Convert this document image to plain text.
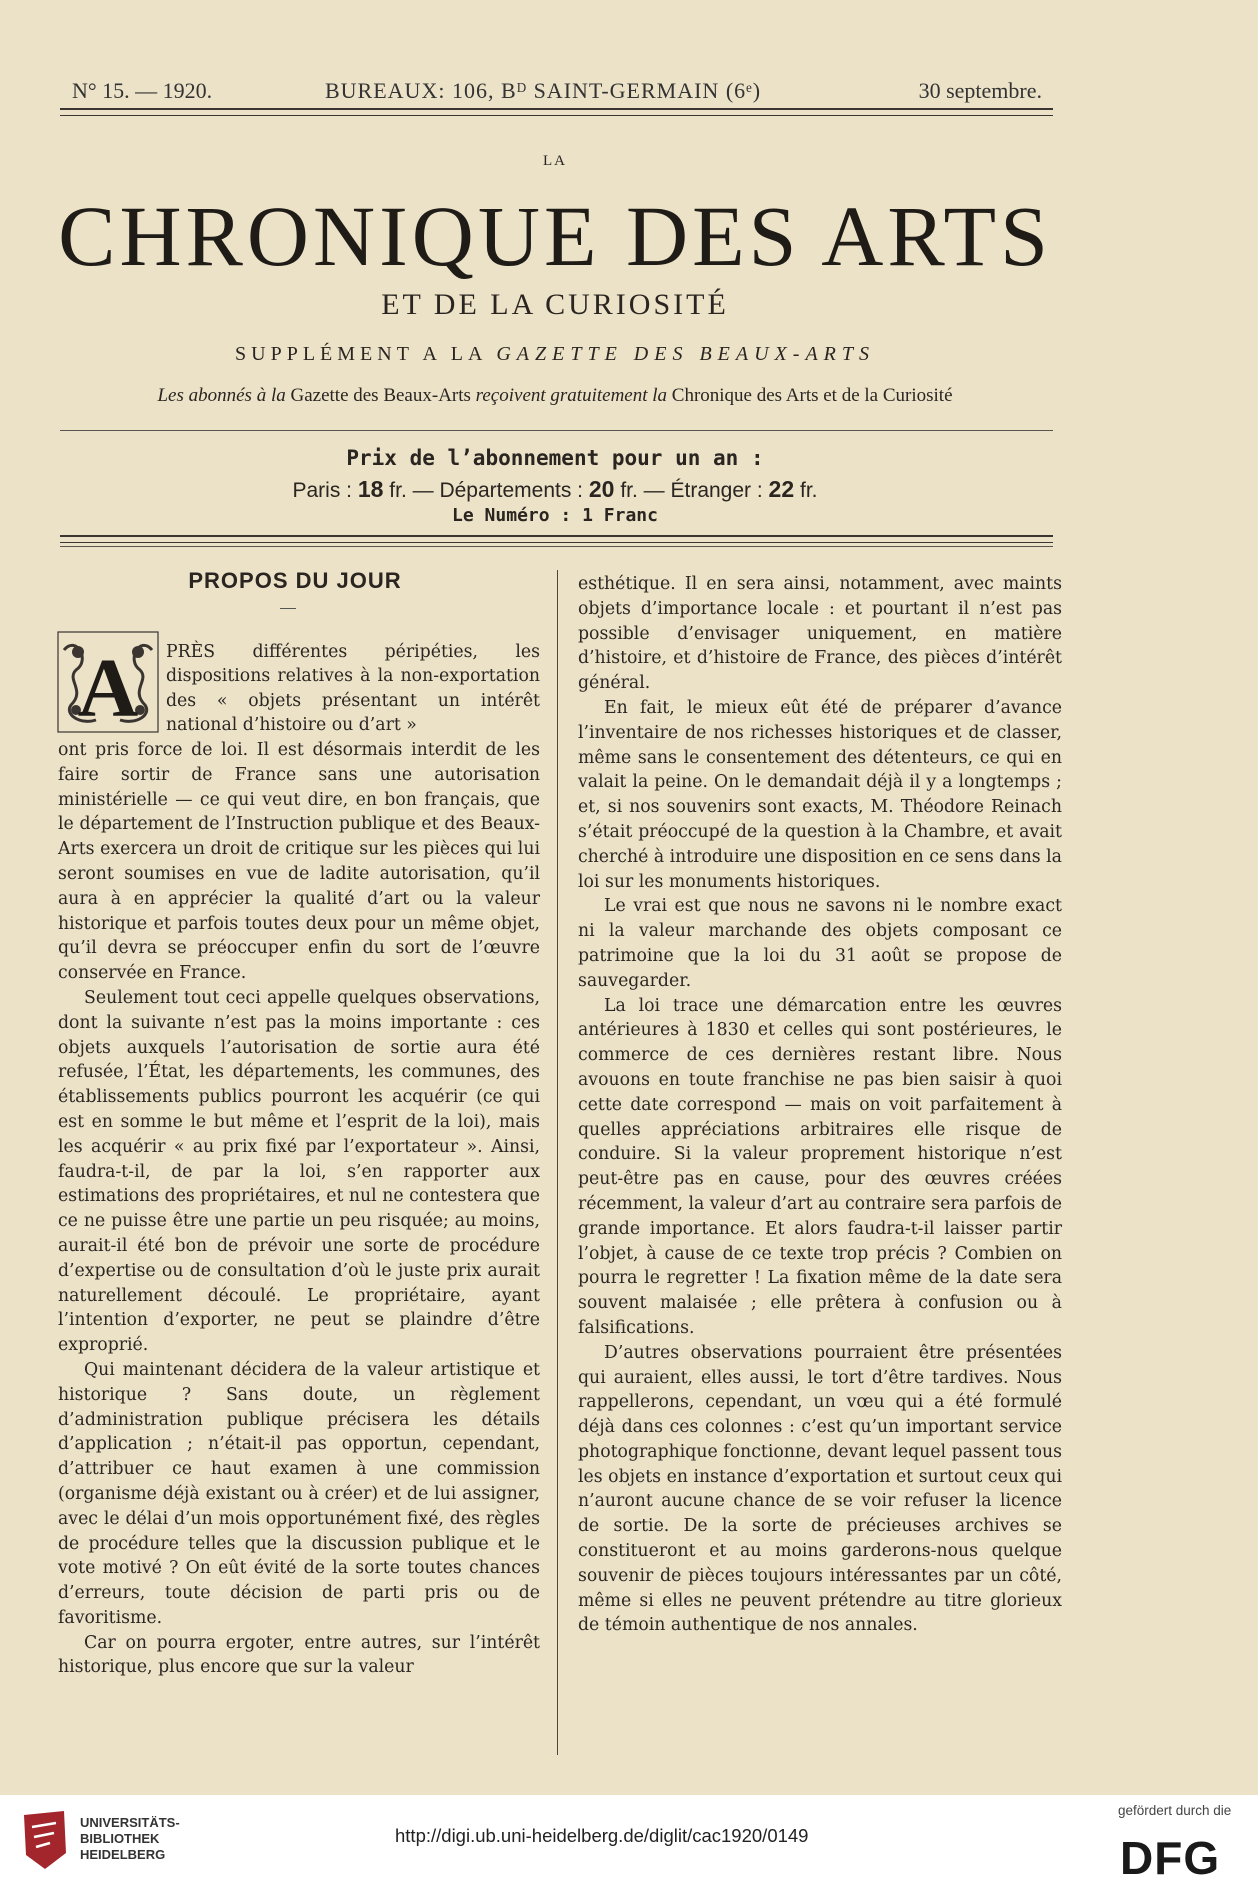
N° 15. — 1920.	BUREAUX: 106, Bᴰ SAINT-GERMAIN (6ᵉ)	30 septembre.
LA
CHRONIQUE DES ARTS
ET DE LA CURIOSITÉ
SUPPLÉMENT A LA GAZETTE DES BEAUX-ARTS
Les abonnés à la Gazette des Beaux-Arts reçoivent gratuitement la Chronique des Arts et de la Curiosité
Prix de l’abonnement pour un an :
Paris : 18 fr. — Départements : 20 fr. — Étranger : 22 fr.
Le Numéro : 1 Franc
PROPOS DU JOUR
A PRÈS différentes péripéties, les dispositions relatives à la non-exportation des « objets présentant un intérêt national d’histoire ou d’art »

ont pris force de loi. Il est désormais interdit de les faire sortir de France sans une autorisation ministérielle — ce qui veut dire, en bon français, que le département de l’Instruction publique et des Beaux-Arts exercera un droit de critique sur les pièces qui lui seront soumises en vue de ladite autorisation, qu’il aura à en apprécier la qualité d’art ou la valeur historique et parfois toutes deux pour un même objet, qu’il devra se préoccuper enfin du sort de l’œuvre conservée en France.

Seulement tout ceci appelle quelques observations, dont la suivante n’est pas la moins importante : ces objets auxquels l’autorisation de sortie aura été refusée, l’État, les départements, les communes, des établissements publics pourront les acquérir (ce qui est en somme le but même et l’esprit de la loi), mais les acquérir « au prix fixé par l’exportateur ». Ainsi, faudra-t-il, de par la loi, s’en rapporter aux estimations des propriétaires, et nul ne contestera que ce ne puisse être une partie un peu risquée; au moins, aurait-il été bon de prévoir une sorte de procédure d’expertise ou de consultation d’où le juste prix aurait naturellement découlé. Le propriétaire, ayant l’intention d’exporter, ne peut se plaindre d’être exproprié.

Qui maintenant décidera de la valeur artistique et historique ? Sans doute, un règlement d’administration publique précisera les détails d’application ; n’était-il pas opportun, cependant, d’attribuer ce haut examen à une commission (organisme déjà existant ou à créer) et de lui assigner, avec le délai d’un mois opportunément fixé, des règles de procédure telles que la discussion publique et le vote motivé ? On eût évité de la sorte toutes chances d’erreurs, toute décision de parti pris ou de favoritisme.

Car on pourra ergoter, entre autres, sur l’intérêt historique, plus encore que sur la valeur

esthétique. Il en sera ainsi, notamment, avec maints objets d’importance locale : et pourtant il n’est pas possible d’envisager uniquement, en matière d’histoire, et d’histoire de France, des pièces d’intérêt général.

En fait, le mieux eût été de préparer d’avance l’inventaire de nos richesses historiques et de classer, même sans le consentement des détenteurs, ce qui en valait la peine. On le demandait déjà il y a longtemps ; et, si nos souvenirs sont exacts, M. Théodore Reinach s’était préoccupé de la question à la Chambre, et avait cherché à introduire une disposition en ce sens dans la loi sur les monuments historiques.

Le vrai est que nous ne savons ni le nombre exact ni la valeur marchande des objets composant ce patrimoine que la loi du 31 août se propose de sauvegarder.

La loi trace une démarcation entre les œuvres antérieures à 1830 et celles qui sont postérieures, le commerce de ces dernières restant libre. Nous avouons en toute franchise ne pas bien saisir à quoi cette date correspond — mais on voit parfaitement à quelles appréciations arbitraires elle risque de conduire. Si la valeur proprement historique n’est peut-être pas en cause, pour des œuvres créées récemment, la valeur d’art au contraire sera parfois de grande importance. Et alors faudra-t-il laisser partir l’objet, à cause de ce texte trop précis ? Combien on pourra le regretter ! La fixation même de la date sera souvent malaisée ; elle prêtera à confusion ou à falsifications.

D’autres observations pourraient être présentées qui auraient, elles aussi, le tort d’être tardives. Nous rappellerons, cependant, un vœu qui a été formulé déjà dans ces colonnes : c’est qu’un important service photographique fonctionne, devant lequel passent tous les objets en instance d’exportation et surtout ceux qui n’auront aucune chance de se voir refuser la licence de sortie. De la sorte de précieuses archives se constitueront et au moins garderons-nous quelque souvenir de pièces toujours intéressantes par un côté, même si elles ne peuvent prétendre au titre glorieux de témoin authentique de nos annales.

UNIVERSITÄTS-
BIBLIOTHEK
HEIDELBERG
http://digi.ub.uni-heidelberg.de/diglit/cac1920/0149
gefördert durch die
DFG
